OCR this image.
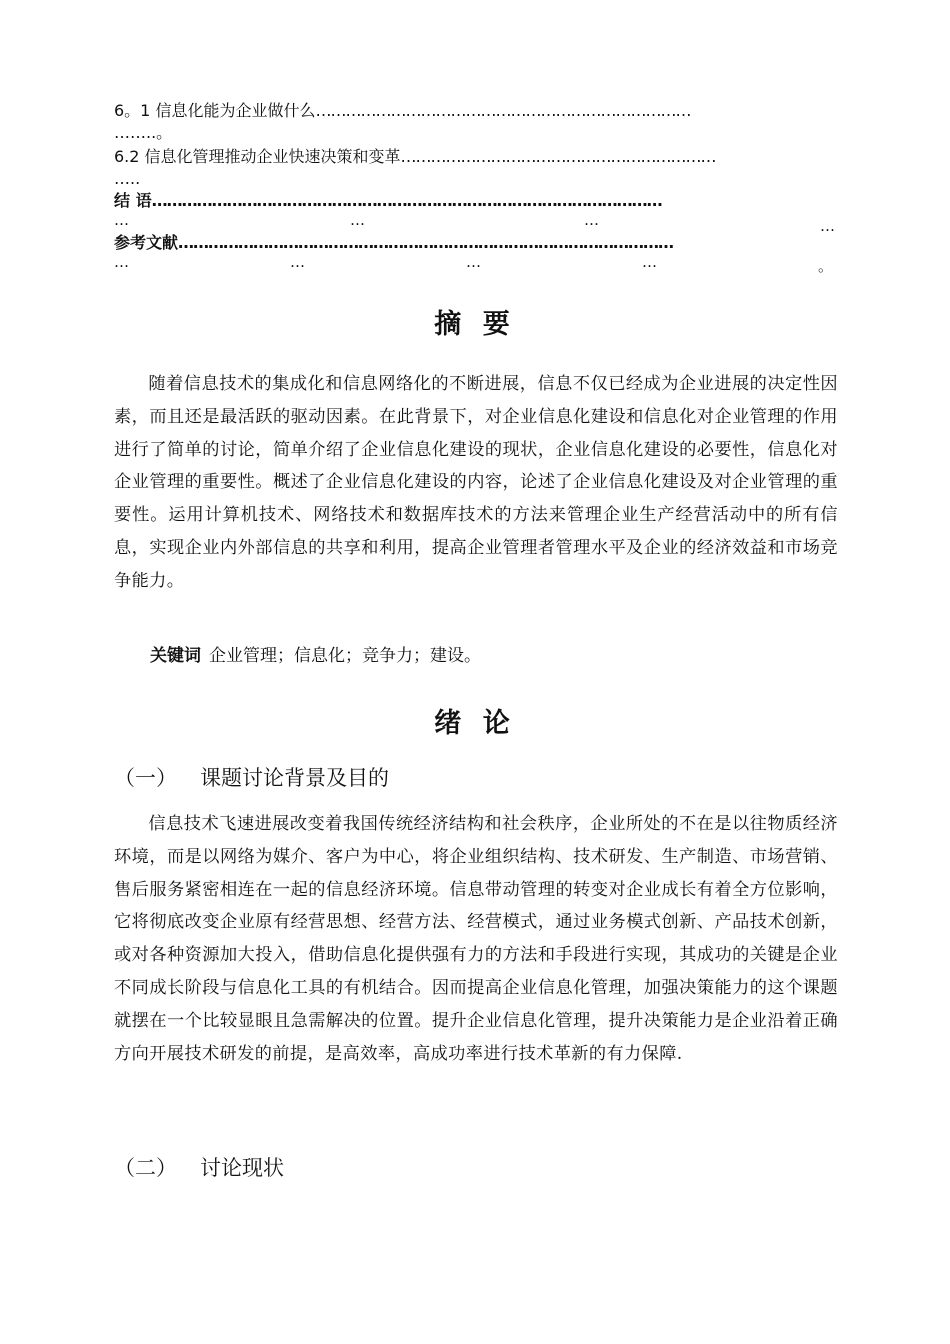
6。1 信息化能为企业做什么…………………………………………………………………
……..。
6.2 信息化管理推动企业快速决策和变革………………………………………………………
…..
结 语…………………………………………………………………………………………
…	…	…	…
参考文献………………………………………………………………………………………
…	…	…	…	。
摘 要
随着信息技术的集成化和信息网络化的不断进展，信息不仅已经成为企业进展的决定性因素，而且还是最活跃的驱动因素。在此背景下，对企业信息化建设和信息化对企业管理的作用进行了简单的讨论，简单介绍了企业信息化建设的现状，企业信息化建设的必要性，信息化对企业管理的重要性。概述了企业信息化建设的内容，论述了企业信息化建设及对企业管理的重要性。运用计算机技术、网络技术和数据库技术的方法来管理企业生产经营活动中的所有信息，实现企业内外部信息的共享和利用，提高企业管理者管理水平及企业的经济效益和市场竞争能力。
关键词 企业管理；信息化；竞争力；建设。
绪 论
（一） 课题讨论背景及目的
信息技术飞速进展改变着我国传统经济结构和社会秩序，企业所处的不在是以往物质经济环境，而是以网络为媒介、客户为中心，将企业组织结构、技术研发、生产制造、市场营销、售后服务紧密相连在一起的信息经济环境。信息带动管理的转变对企业成长有着全方位影响，它将彻底改变企业原有经营思想、经营方法、经营模式，通过业务模式创新、产品技术创新，或对各种资源加大投入，借助信息化提供强有力的方法和手段进行实现，其成功的关键是企业不同成长阶段与信息化工具的有机结合。因而提高企业信息化管理，加强决策能力的这个课题就摆在一个比较显眼且急需解决的位置。提升企业信息化管理，提升决策能力是企业沿着正确方向开展技术研发的前提，是高效率，高成功率进行技术革新的有力保障.
（二） 讨论现状
